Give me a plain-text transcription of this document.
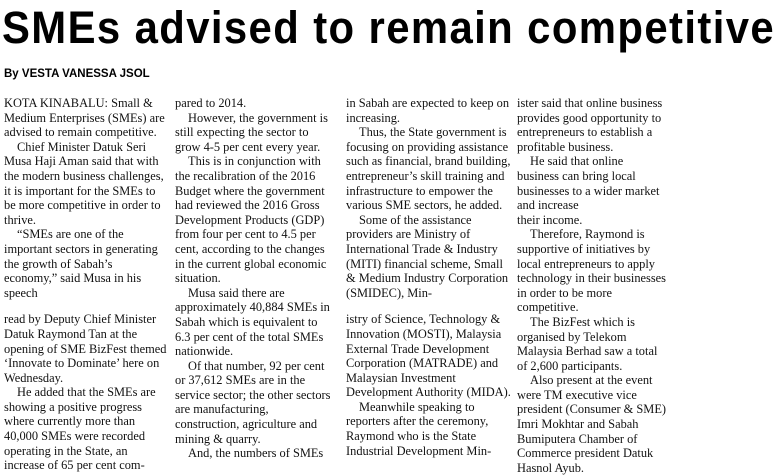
SMEs advised to remain competitive
By VESTA VANESSA JSOL

KOTA KINABALU: Small & Medium Enterprises (SMEs) are advised to remain competitive.

Chief Minister Datuk Seri Musa Haji Aman said that with the modern business challenges, it is important for the SMEs to be more competitive in order to thrive.

“SMEs are one of the important sectors in generating the growth of Sabah’s economy,” said Musa in his speech

read by Deputy Chief Minister Datuk Raymond Tan at the opening of SME BizFest themed ‘Innovate to Dominate’ here on Wednesday.

He added that the SMEs are showing a positive progress where currently more than 40,000 SMEs were recorded operating in the State, an increase of 65 per cent com-

pared to 2014.

However, the government is still expecting the sector to grow 4-5 per cent every year.

This is in conjunction with the recalibration of the 2016 Budget where the government had reviewed the 2016 Gross Development Products (GDP) from four per cent to 4.5 per cent, according to the changes in the current global economic situation.

Musa said there are approximately 40,884 SMEs in Sabah which is equivalent to 6.3 per cent of the total SMEs nationwide.

Of that number, 92 per cent or 37,612 SMEs are in the service sector; the other sectors are manufacturing, construction, agriculture and mining & quarry.

And, the numbers of SMEs

in Sabah are expected to keep on increasing.

Thus, the State government is focusing on providing assistance such as financial, brand building, entrepreneur’s skill training and infrastructure to empower the various SME sectors, he added.

Some of the assistance providers are Ministry of International Trade & Industry (MITI) financial scheme, Small & Medium Industry Corporation (SMIDEC), Min-

istry of Science, Technology & Innovation (MOSTI), Malaysia External Trade Development Corporation (MATRADE) and Malaysian Investment Development Authority (MIDA).

Meanwhile speaking to reporters after the ceremony, Raymond who is the State Industrial Development Min-

ister said that online business provides good opportunity to entrepreneurs to establish a profitable business.

He said that online business can bring local businesses to a wider market and increase

their income.

Therefore, Raymond is supportive of initiatives by local entrepreneurs to apply technology in their businesses in order to be more competitive.

The BizFest which is organised by Telekom Malaysia Berhad saw a total of 2,600 participants.

Also present at the event were TM executive vice president (Consumer & SME) Imri Mokhtar and Sabah Bumiputera Chamber of Commerce president Datuk Hasnol Ayub.
